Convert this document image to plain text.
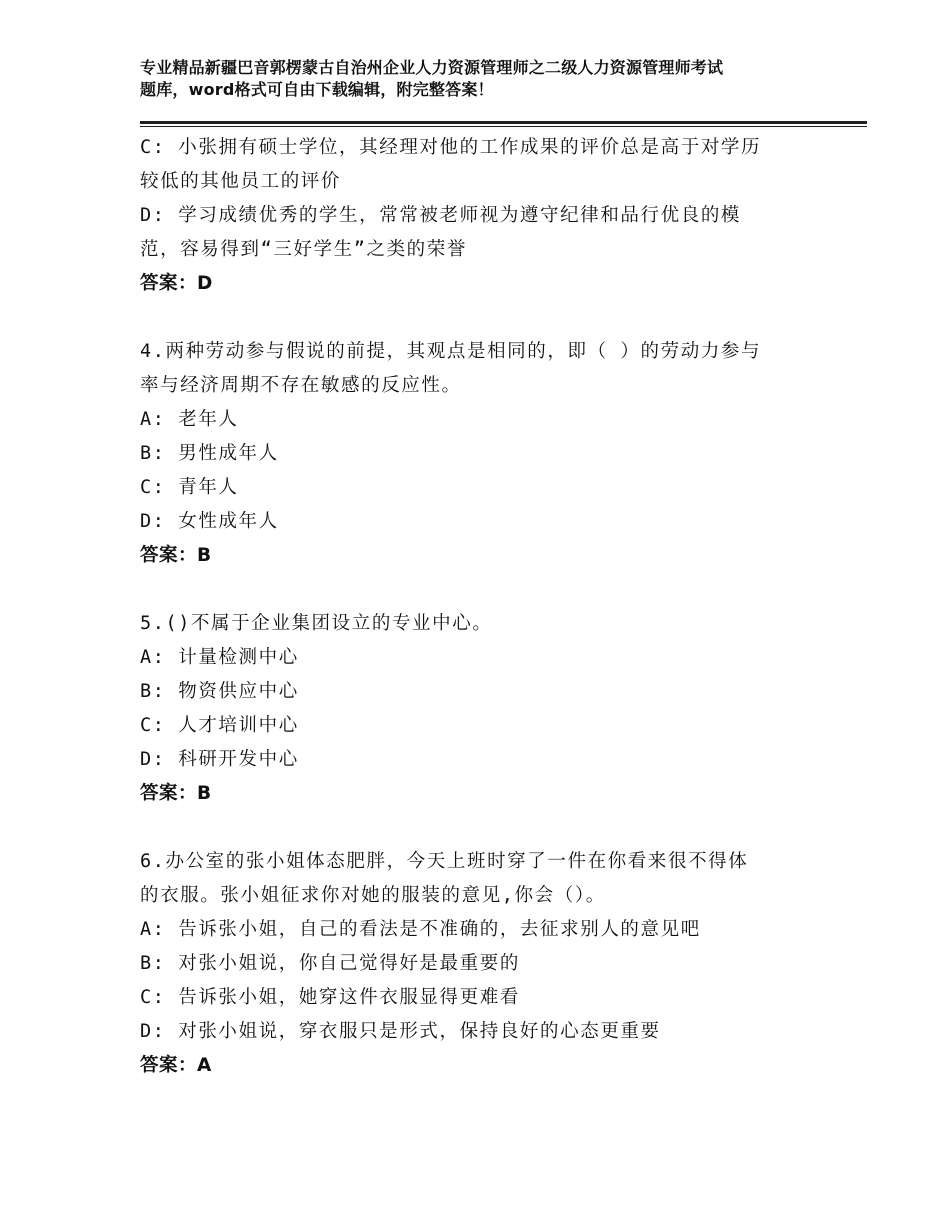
专业精品新疆巴音郭楞蒙古自治州企业人力资源管理师之二级人力资源管理师考试
题库，word格式可自由下载编辑，附完整答案！
C: 小张拥有硕士学位，其经理对他的工作成果的评价总是高于对学历
较低的其他员工的评价
D: 学习成绩优秀的学生，常常被老师视为遵守纪律和品行优良的模
范，容易得到“三好学生”之类的荣誉
答案：D
4.两种劳动参与假说的前提，其观点是相同的，即（ ）的劳动力参与
率与经济周期不存在敏感的反应性。
A: 老年人
B: 男性成年人
C: 青年人
D: 女性成年人
答案：B
5.()不属于企业集团设立的专业中心。
A: 计量检测中心
B: 物资供应中心
C: 人才培训中心
D: 科研开发中心
答案：B
6.办公室的张小姐体态肥胖，今天上班时穿了一件在你看来很不得体
的衣服。张小姐征求你对她的服装的意见,你会（）。
A: 告诉张小姐，自己的看法是不准确的，去征求别人的意见吧
B: 对张小姐说，你自己觉得好是最重要的
C: 告诉张小姐，她穿这件衣服显得更难看
D: 对张小姐说，穿衣服只是形式，保持良好的心态更重要
答案：A
